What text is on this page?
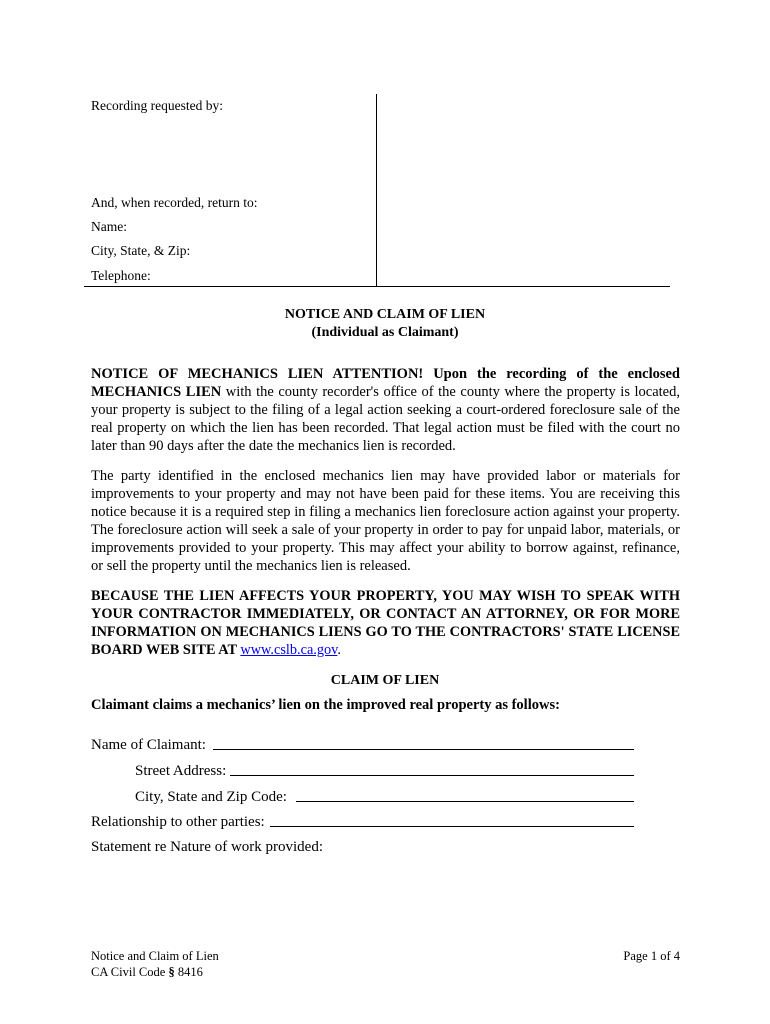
Recording requested by:
And, when recorded, return to:
Name:
City, State, & Zip:
Telephone:
NOTICE AND CLAIM OF LIEN
(Individual as Claimant)
NOTICE OF MECHANICS LIEN ATTENTION! Upon the recording of the enclosed MECHANICS LIEN with the county recorder's office of the county where the property is located, your property is subject to the filing of a legal action seeking a court-ordered foreclosure sale of the real property on which the lien has been recorded. That legal action must be filed with the court no later than 90 days after the date the mechanics lien is recorded.
The party identified in the enclosed mechanics lien may have provided labor or materials for improvements to your property and may not have been paid for these items. You are receiving this notice because it is a required step in filing a mechanics lien foreclosure action against your property. The foreclosure action will seek a sale of your property in order to pay for unpaid labor, materials, or improvements provided to your property. This may affect your ability to borrow against, refinance, or sell the property until the mechanics lien is released.
BECAUSE THE LIEN AFFECTS YOUR PROPERTY, YOU MAY WISH TO SPEAK WITH YOUR CONTRACTOR IMMEDIATELY, OR CONTACT AN ATTORNEY, OR FOR MORE INFORMATION ON MECHANICS LIENS GO TO THE CONTRACTORS' STATE LICENSE BOARD WEB SITE AT www.cslb.ca.gov.
CLAIM OF LIEN
Claimant claims a mechanics’ lien on the improved real property as follows:
Name of Claimant:
Street Address:
City, State and Zip Code:
Relationship to other parties:
Statement re Nature of work provided:
Notice and Claim of Lien
CA Civil Code § 8416
Page 1 of 4
